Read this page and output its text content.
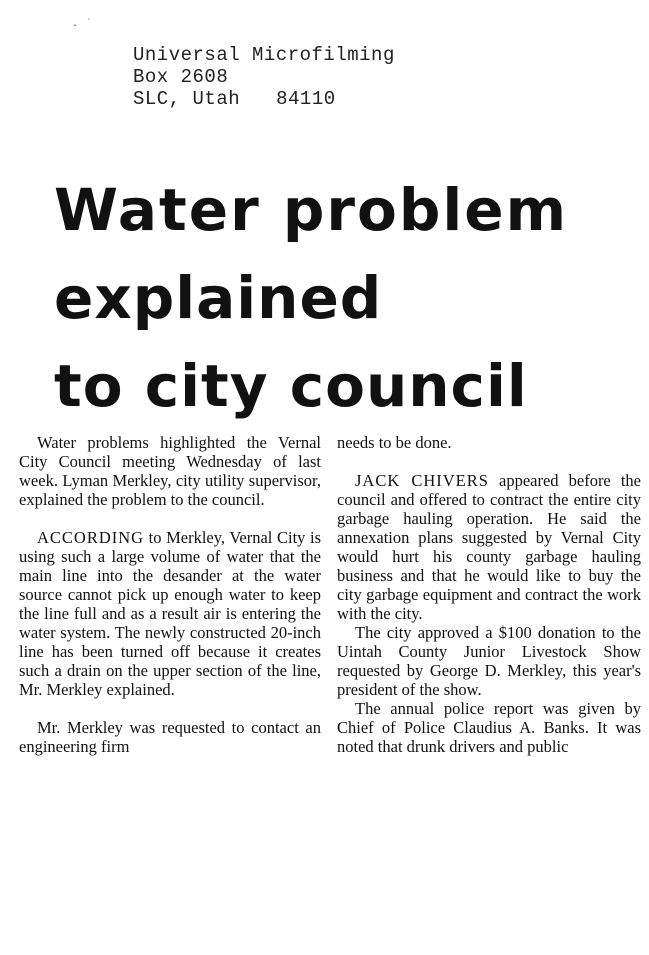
. ˙
Universal Microfilming
Box 2608
SLC, Utah 84110
Water problem
explained
to city council

Water problems highlighted the Vernal City Council meeting Wednesday of last week. Lyman Merkley, city utility supervisor, explained the problem to the council.

ACCORDING to Merkley, Vernal City is using such a large volume of water that the main line into the desander at the water source cannot pick up enough water to keep the line full and as a result air is entering the water system. The newly constructed 20-inch line has been turned off because it creates such a drain on the upper section of the line, Mr. Merkley explained.

Mr. Merkley was requested to contact an engineering firm

needs to be done.

JACK CHIVERS appeared before the council and offered to contract the entire city garbage hauling operation. He said the annexation plans suggested by Vernal City would hurt his county garbage hauling business and that he would like to buy the city garbage equipment and contract the work with the city.

The city approved a $100 donation to the Uintah County Junior Livestock Show requested by George D. Merkley, this year's president of the show.

The annual police report was given by Chief of Police Claudius A. Banks. It was noted that drunk drivers and public
